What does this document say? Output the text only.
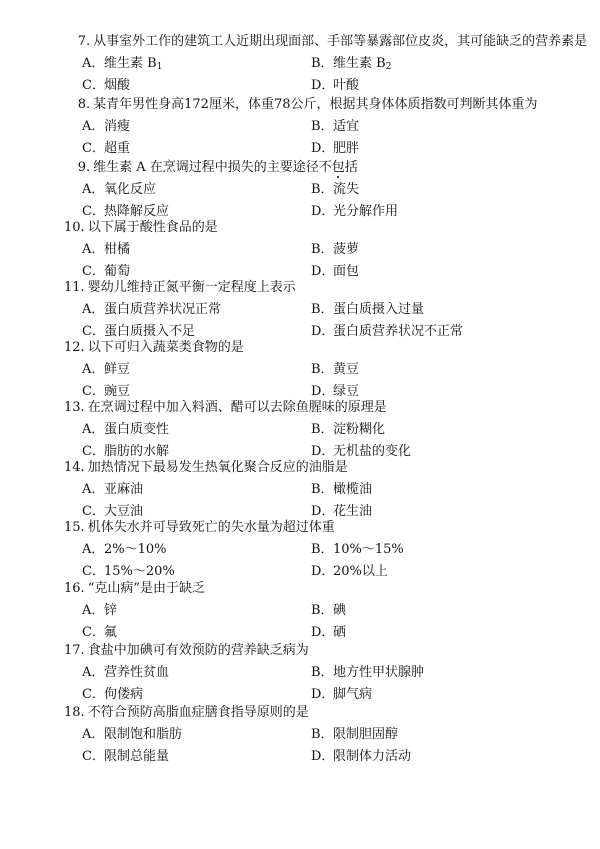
7. 从事室外工作的建筑工人近期出现面部、手部等暴露部位皮炎，其可能缺乏的营养素是
A．维生素 $B_1$	B．维生素 $B_2$
C．烟酸	D．叶酸
8. 某青年男性身高172厘米，体重78公斤，根据其身体体质指数可判断其体重为
A．消瘦	B．适宜
C．超重	D．肥胖
9. 维生素 A 在烹调过程中损失的主要途径不包括
A．氧化反应	B．流失
C．热降解反应	D．光分解作用
10. 以下属于酸性食品的是
A．柑橘	B．菠萝
C．葡萄	D．面包
11. 婴幼儿维持正氮平衡一定程度上表示
A．蛋白质营养状况正常	B．蛋白质摄入过量
C．蛋白质摄入不足	D．蛋白质营养状况不正常
12. 以下可归入蔬菜类食物的是
A．鲜豆	B．黄豆
C．豌豆	D．绿豆
13. 在烹调过程中加入料酒、醋可以去除鱼腥味的原理是
A．蛋白质变性	B．淀粉糊化
C．脂肪的水解	D．无机盐的变化
14. 加热情况下最易发生热氧化聚合反应的油脂是
A．亚麻油	B．橄榄油
C．大豆油	D．花生油
15. 机体失水并可导致死亡的失水量为超过体重
A．2%～10%	B．10%～15%
C．15%～20%	D．20%以上
16. “克山病”是由于缺乏
A．锌	B．碘
C．氟	D．硒
17. 食盐中加碘可有效预防的营养缺乏病为
A．营养性贫血	B．地方性甲状腺肿
C．佝偻病	D．脚气病
18. 不符合预防高脂血症膳食指导原则的是
A．限制饱和脂肪	B．限制胆固醇
C．限制总能量	D．限制体力活动
